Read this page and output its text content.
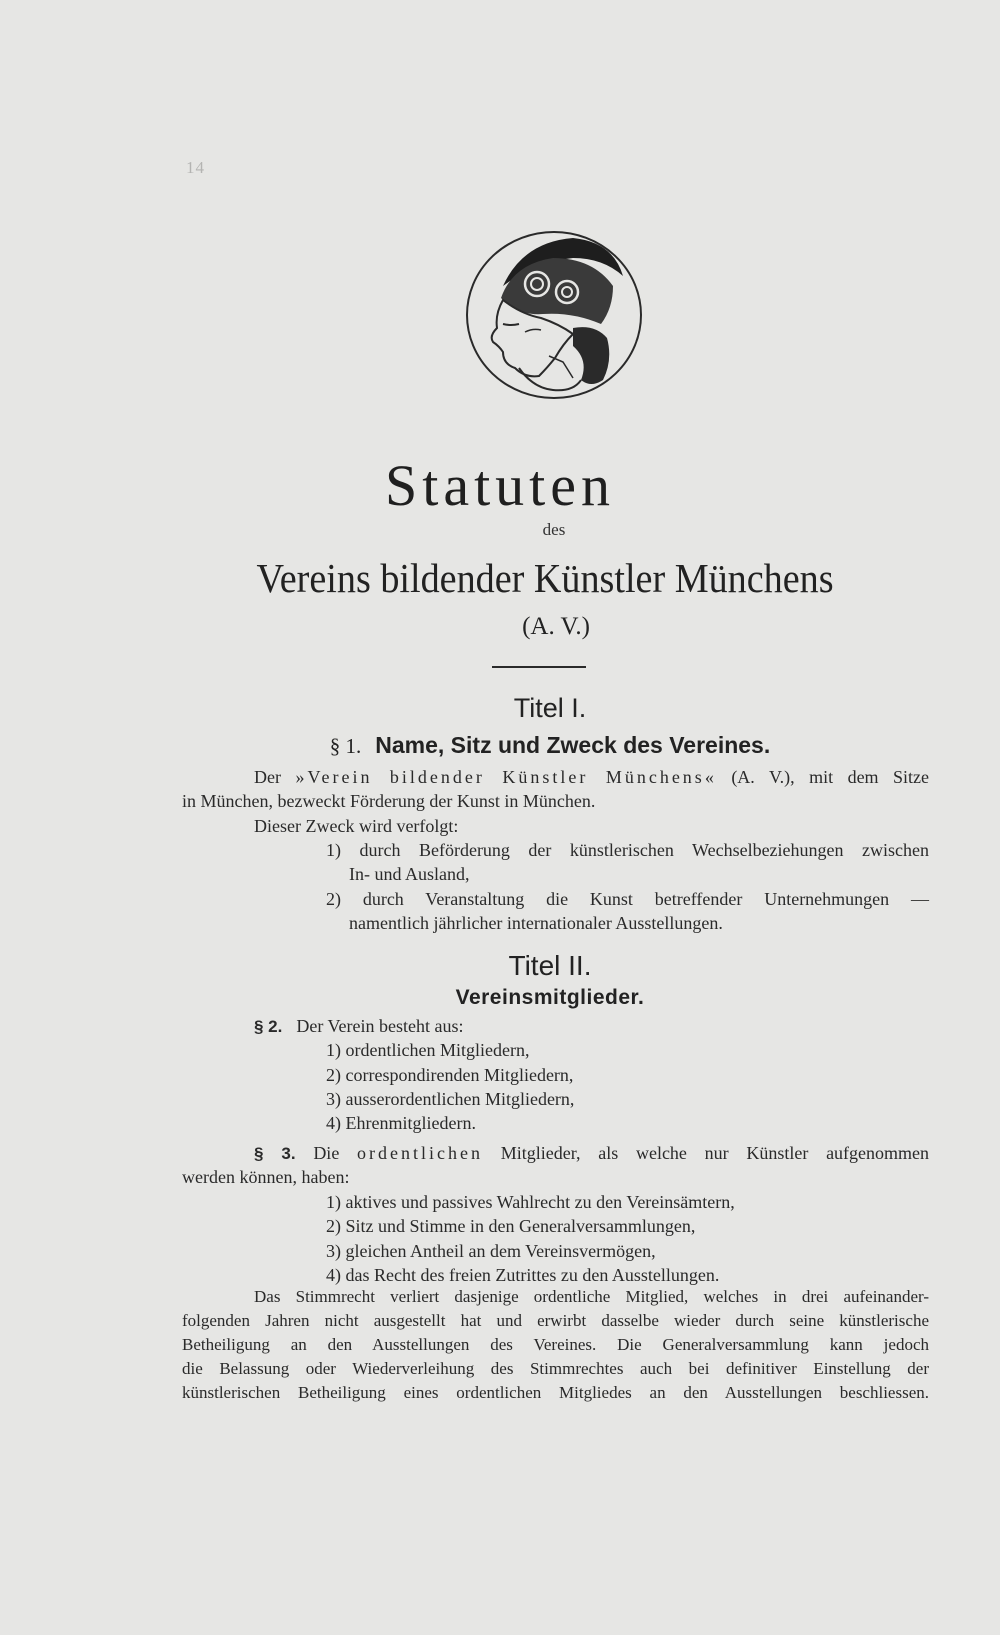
14
Statuten
des
Vereins bildender Künstler Münchens
(A. V.)
Titel I.
§ 1. Name, Sitz und Zweck des Vereines.
Der »Verein bildender Künstler Münchens« (A. V.), mit dem Sitze
in München, bezweckt Förderung der Kunst in München.
Dieser Zweck wird verfolgt:
1) durch Beförderung der künstlerischen Wechselbeziehungen zwischen
In- und Ausland,
2) durch Veranstaltung die Kunst betreffender Unternehmungen —
namentlich jährlicher internationaler Ausstellungen.
Titel II.
Vereinsmitglieder.
§ 2. Der Verein besteht aus:
1) ordentlichen Mitgliedern,
2) correspondirenden Mitgliedern,
3) ausserordentlichen Mitgliedern,
4) Ehrenmitgliedern.
§ 3. Die ordentlichen Mitglieder, als welche nur Künstler aufgenommen
werden können, haben:
1) aktives und passives Wahlrecht zu den Vereinsämtern,
2) Sitz und Stimme in den Generalversammlungen,
3) gleichen Antheil an dem Vereinsvermögen,
4) das Recht des freien Zutrittes zu den Ausstellungen.
Das Stimmrecht verliert dasjenige ordentliche Mitglied, welches in drei aufeinander-
folgenden Jahren nicht ausgestellt hat und erwirbt dasselbe wieder durch seine künstlerische
Betheiligung an den Ausstellungen des Vereines. Die Generalversammlung kann jedoch
die Belassung oder Wiederverleihung des Stimmrechtes auch bei definitiver Einstellung der
künstlerischen Betheiligung eines ordentlichen Mitgliedes an den Ausstellungen beschliessen.
